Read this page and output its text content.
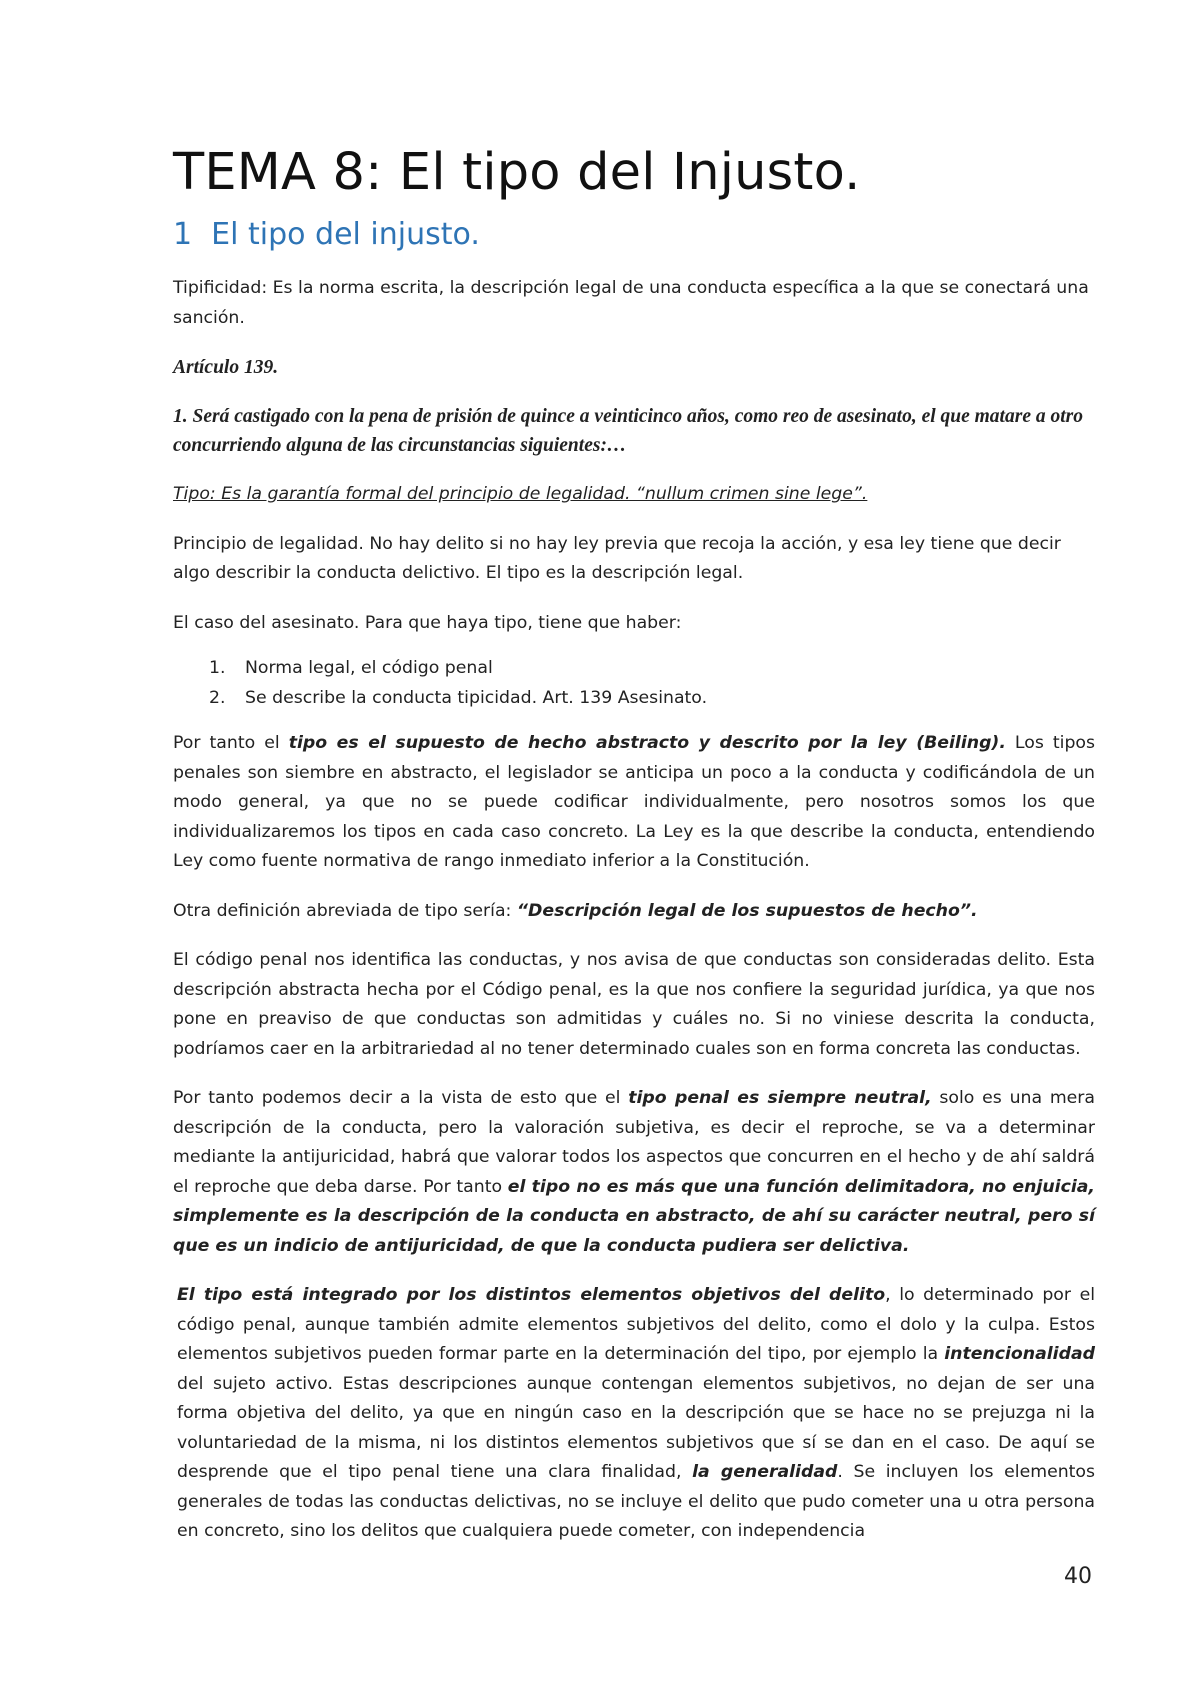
TEMA 8: El tipo del Injusto.
1 El tipo del injusto.

Tipificidad: Es la norma escrita, la descripción legal de una conducta específica a la que se conectará una sanción.

Artículo 139.

1. Será castigado con la pena de prisión de quince a veinticinco años, como reo de asesinato, el que matare a otro concurriendo alguna de las circunstancias siguientes:…

Tipo: Es la garantía formal del principio de legalidad. “nullum crimen sine lege”.

Principio de legalidad. No hay delito si no hay ley previa que recoja la acción, y esa ley tiene que decir algo describir la conducta delictivo. El tipo es la descripción legal.

El caso del asesinato. Para que haya tipo, tiene que haber:

1. Norma legal, el código penal
2. Se describe la conducta tipicidad. Art. 139 Asesinato.

Por tanto el tipo es el supuesto de hecho abstracto y descrito por la ley (Beiling). Los tipos penales son siembre en abstracto, el legislador se anticipa un poco a la conducta y codificándola de un modo general, ya que no se puede codificar individualmente, pero nosotros somos los que individualizaremos los tipos en cada caso concreto. La Ley es la que describe la conducta, entendiendo Ley como fuente normativa de rango inmediato inferior a la Constitución.

Otra definición abreviada de tipo sería: “Descripción legal de los supuestos de hecho”.

El código penal nos identifica las conductas, y nos avisa de que conductas son consideradas delito. Esta descripción abstracta hecha por el Código penal, es la que nos confiere la seguridad jurídica, ya que nos pone en preaviso de que conductas son admitidas y cuáles no. Si no viniese descrita la conducta, podríamos caer en la arbitrariedad al no tener determinado cuales son en forma concreta las conductas.

Por tanto podemos decir a la vista de esto que el tipo penal es siempre neutral, solo es una mera descripción de la conducta, pero la valoración subjetiva, es decir el reproche, se va a determinar mediante la antijuricidad, habrá que valorar todos los aspectos que concurren en el hecho y de ahí saldrá el reproche que deba darse. Por tanto el tipo no es más que una función delimitadora, no enjuicia, simplemente es la descripción de la conducta en abstracto, de ahí su carácter neutral, pero sí que es un indicio de antijuricidad, de que la conducta pudiera ser delictiva.

El tipo está integrado por los distintos elementos objetivos del delito, lo determinado por el código penal, aunque también admite elementos subjetivos del delito, como el dolo y la culpa. Estos elementos subjetivos pueden formar parte en la determinación del tipo, por ejemplo la intencionalidad del sujeto activo. Estas descripciones aunque contengan elementos subjetivos, no dejan de ser una forma objetiva del delito, ya que en ningún caso en la descripción que se hace no se prejuzga ni la voluntariedad de la misma, ni los distintos elementos subjetivos que sí se dan en el caso. De aquí se desprende que el tipo penal tiene una clara finalidad, la generalidad. Se incluyen los elementos generales de todas las conductas delictivas, no se incluye el delito que pudo cometer una u otra persona en concreto, sino los delitos que cualquiera puede cometer, con independencia

40
